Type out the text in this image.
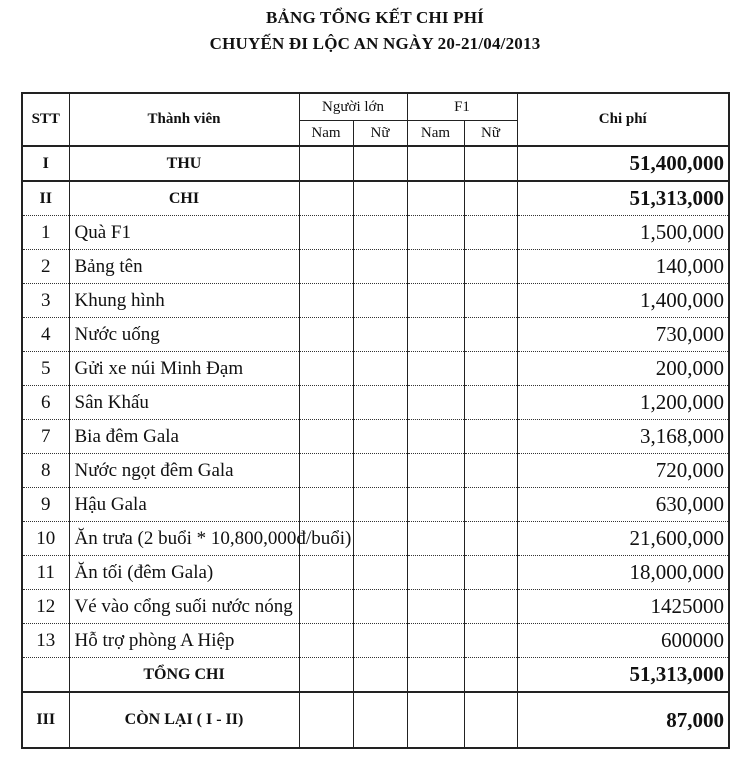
BẢNG TỔNG KẾT CHI PHÍ
CHUYẾN ĐI LỘC AN NGÀY 20-21/04/2013
STT	Thành viên	Người lớn		F1		Chi phí
		Nam	Nữ	Nam	Nữ	
I	THU					51,400,000
II	CHI					51,313,000
1	Quà F1					1,500,000
2	Bảng tên					140,000
3	Khung hình					1,400,000
4	Nước uống					730,000
5	Gửi xe núi Minh Đạm					200,000
6	Sân Khấu					1,200,000
7	Bia đêm Gala					3,168,000
8	Nước ngọt đêm Gala					720,000
9	Hậu Gala					630,000
10	Ăn trưa (2 buổi * 10,800,000đ/buổi)					21,600,000
11	Ăn tối (đêm Gala)					18,000,000
12	Vé vào cổng suối nước nóng					1425000
13	Hỗ trợ phòng A Hiệp					600000
	TỔNG CHI					51,313,000
III	CÒN LẠI ( I - II)					87,000
